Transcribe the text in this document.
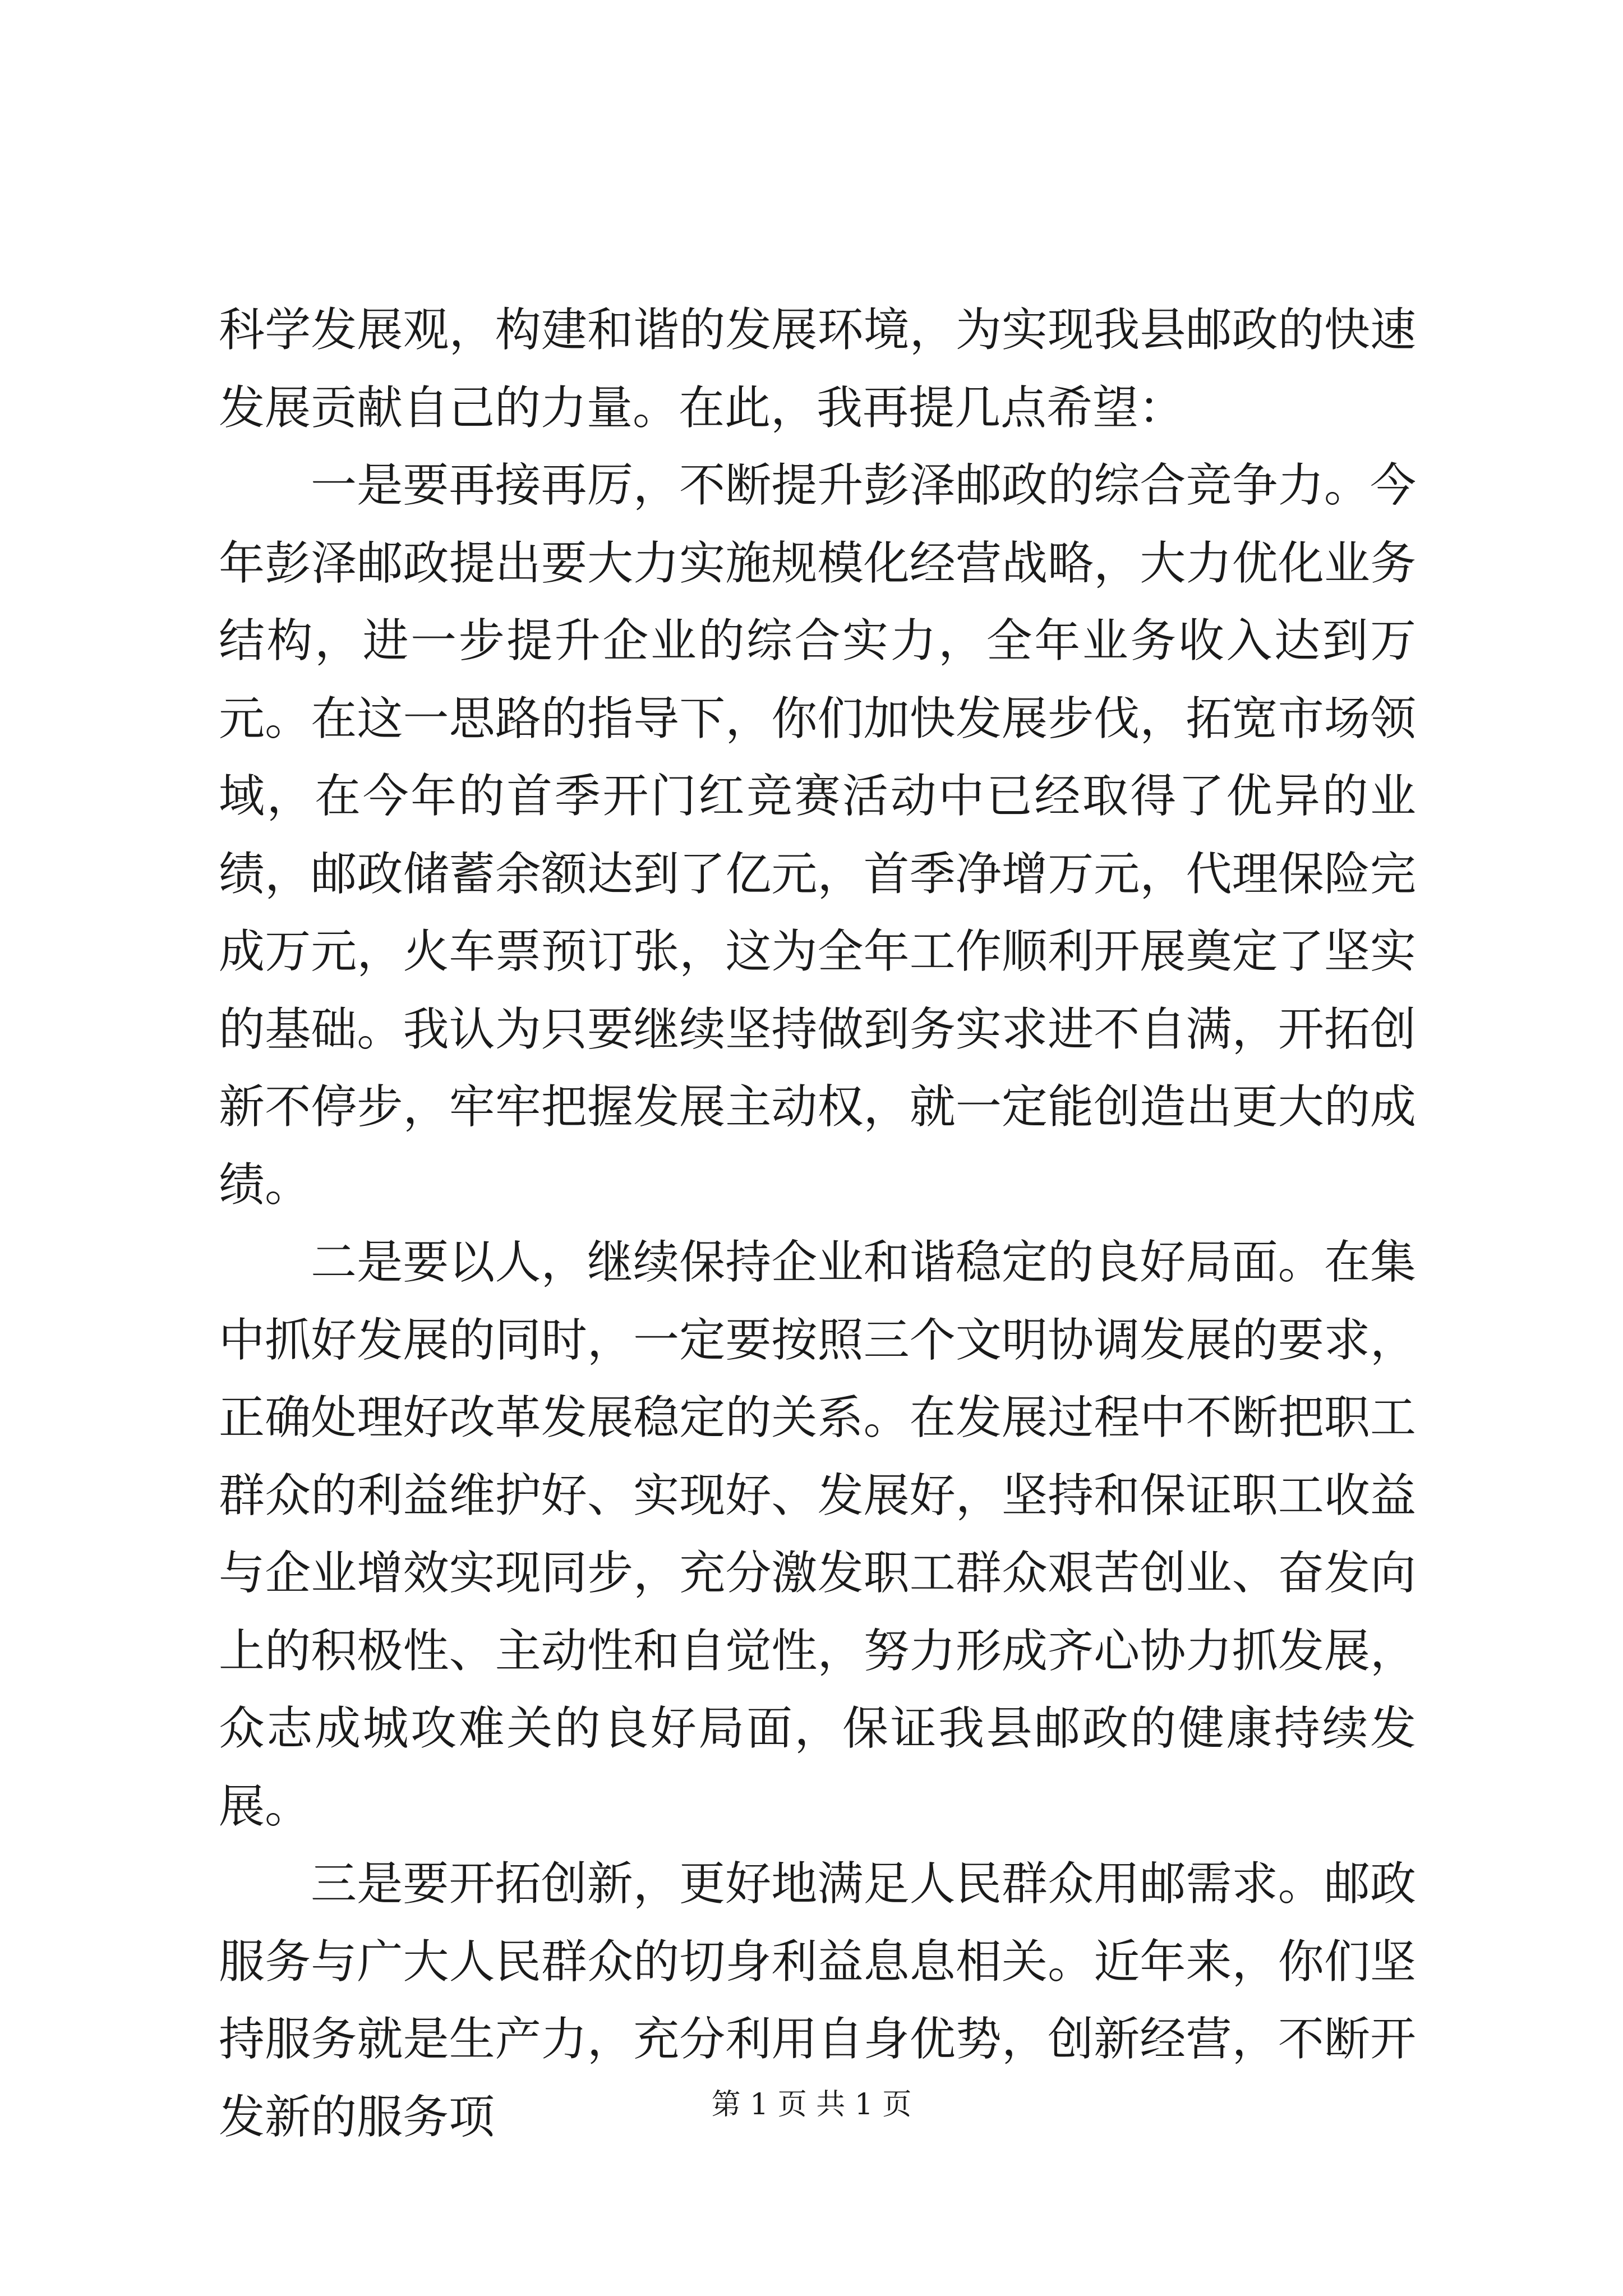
科学发展观，构建和谐的发展环境，为实现我县邮政的快速发展贡献自己的力量。在此，我再提几点希望：

一是要再接再厉，不断提升彭泽邮政的综合竞争力。今年彭泽邮政提出要大力实施规模化经营战略，大力优化业务结构，进一步提升企业的综合实力，全年业务收入达到万元。在这一思路的指导下，你们加快发展步伐，拓宽市场领域，在今年的首季开门红竞赛活动中已经取得了优异的业绩，邮政储蓄余额达到了亿元，首季净增万元，代理保险完成万元，火车票预订张，这为全年工作顺利开展奠定了坚实的基础。我认为只要继续坚持做到务实求进不自满，开拓创新不停步，牢牢把握发展主动权，就一定能创造出更大的成绩。

二是要以人，继续保持企业和谐稳定的良好局面。在集中抓好发展的同时，一定要按照三个文明协调发展的要求，正确处理好改革发展稳定的关系。在发展过程中不断把职工群众的利益维护好、实现好、发展好，坚持和保证职工收益与企业增效实现同步，充分激发职工群众艰苦创业、奋发向上的积极性、主动性和自觉性，努力形成齐心协力抓发展，众志成城攻难关的良好局面，保证我县邮政的健康持续发展。

三是要开拓创新，更好地满足人民群众用邮需求。邮政服务与广大人民群众的切身利益息息相关。近年来，你们坚持服务就是生产力，充分利用自身优势，创新经营，不断开发新的服务项	第 1 页 共 1 页
